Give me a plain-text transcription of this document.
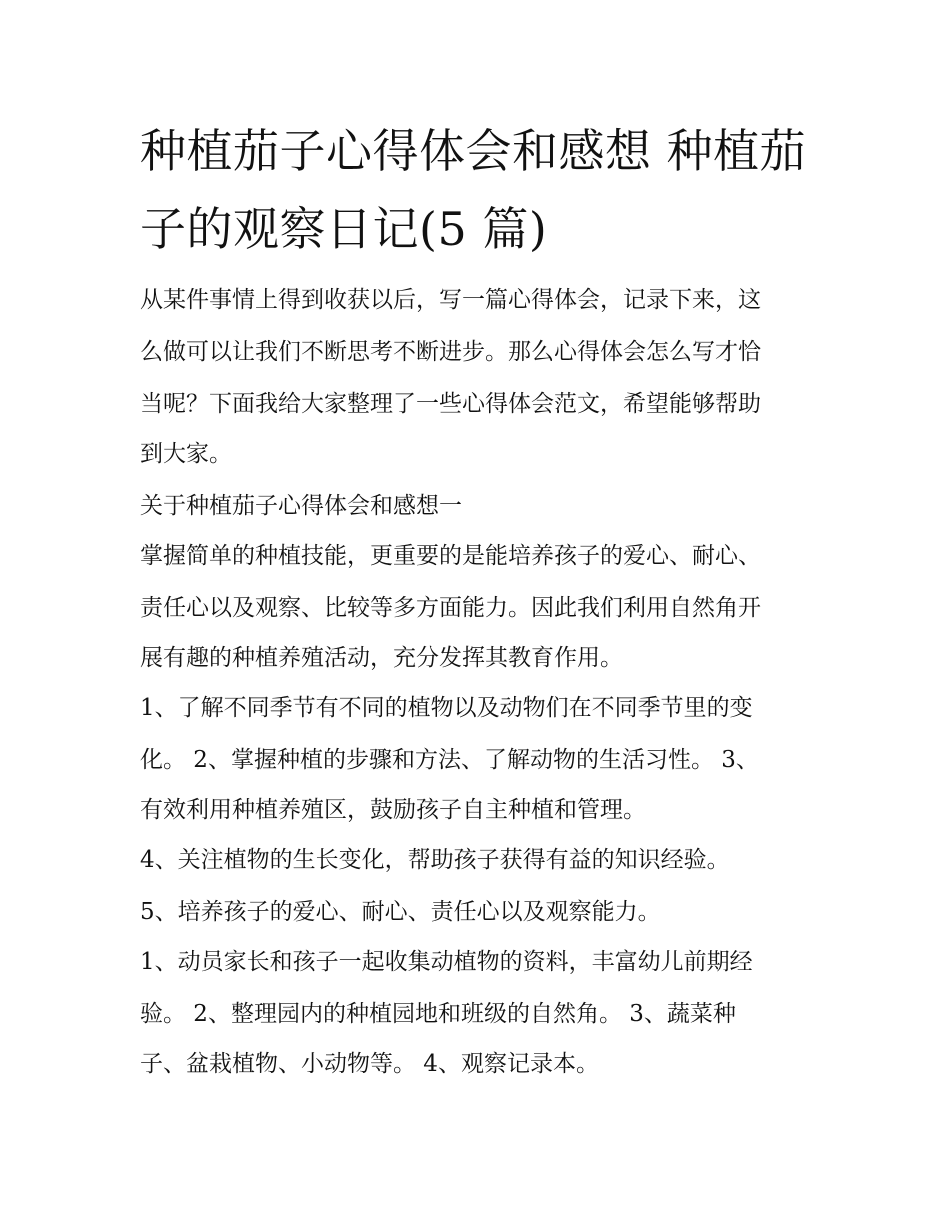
种植茄子心得体会和感想 种植茄子的观察日记(5 篇)
从某件事情上得到收获以后，写一篇心得体会，记录下来，这
么做可以让我们不断思考不断进步。那么心得体会怎么写才恰
当呢？下面我给大家整理了一些心得体会范文，希望能够帮助
到大家。
关于种植茄子心得体会和感想一
掌握简单的种植技能，更重要的是能培养孩子的爱心、耐心、
责任心以及观察、比较等多方面能力。因此我们利用自然角开
展有趣的种植养殖活动，充分发挥其教育作用。
1、了解不同季节有不同的植物以及动物们在不同季节里的变
化。 2、掌握种植的步骤和方法、了解动物的生活习性。 3、
有效利用种植养殖区，鼓励孩子自主种植和管理。
4、关注植物的生长变化，帮助孩子获得有益的知识经验。
5、培养孩子的爱心、耐心、责任心以及观察能力。
1、动员家长和孩子一起收集动植物的资料，丰富幼儿前期经
验。 2、整理园内的种植园地和班级的自然角。 3、蔬菜种
子、盆栽植物、小动物等。 4、观察记录本。
